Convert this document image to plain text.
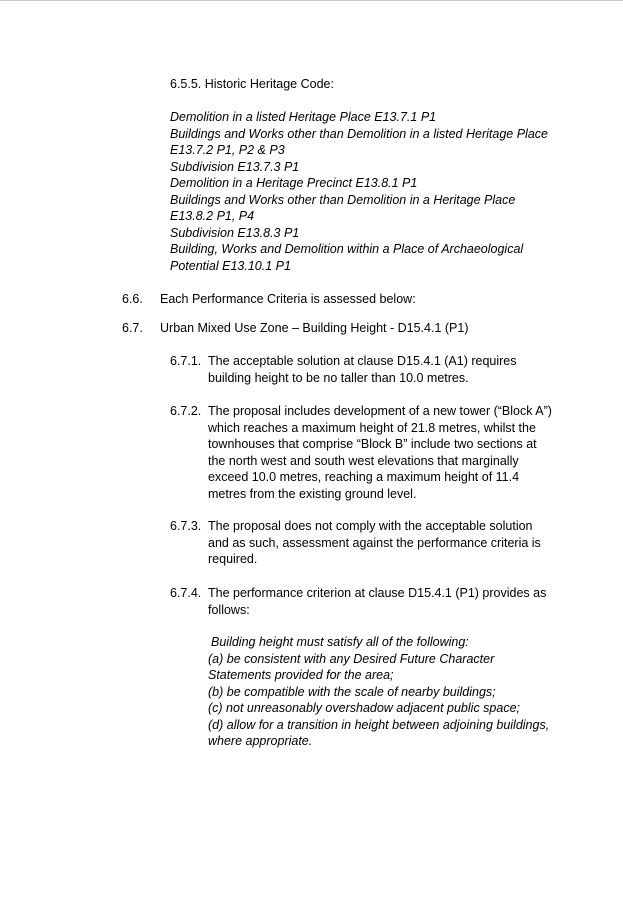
6.5.5. Historic Heritage Code:

Demolition in a listed Heritage Place E13.7.1 P1
Buildings and Works other than Demolition in a listed Heritage Place
E13.7.2 P1, P2 & P3
Subdivision E13.7.3 P1
Demolition in a Heritage Precinct E13.8.1 P1
Buildings and Works other than Demolition in a Heritage Place
E13.8.2 P1, P4
Subdivision E13.8.3 P1
Building, Works and Demolition within a Place of Archaeological
Potential E13.10.1 P1
6.6. Each Performance Criteria is assessed below:
6.7. Urban Mixed Use Zone – Building Height - D15.4.1 (P1)
6.7.1. The acceptable solution at clause D15.4.1 (A1) requires
building height to be no taller than 10.0 metres.
6.7.2. The proposal includes development of a new tower (“Block A”)
which reaches a maximum height of 21.8 metres, whilst the
townhouses that comprise “Block B” include two sections at
the north west and south west elevations that marginally
exceed 10.0 metres, reaching a maximum height of 11.4
metres from the existing ground level.
6.7.3. The proposal does not comply with the acceptable solution
and as such, assessment against the performance criteria is
required.
6.7.4. The performance criterion at clause D15.4.1 (P1) provides as
follows:
Building height must satisfy all of the following:
(a) be consistent with any Desired Future Character
Statements provided for the area;
(b) be compatible with the scale of nearby buildings;
(c) not unreasonably overshadow adjacent public space;
(d) allow for a transition in height between adjoining buildings,
where appropriate.
